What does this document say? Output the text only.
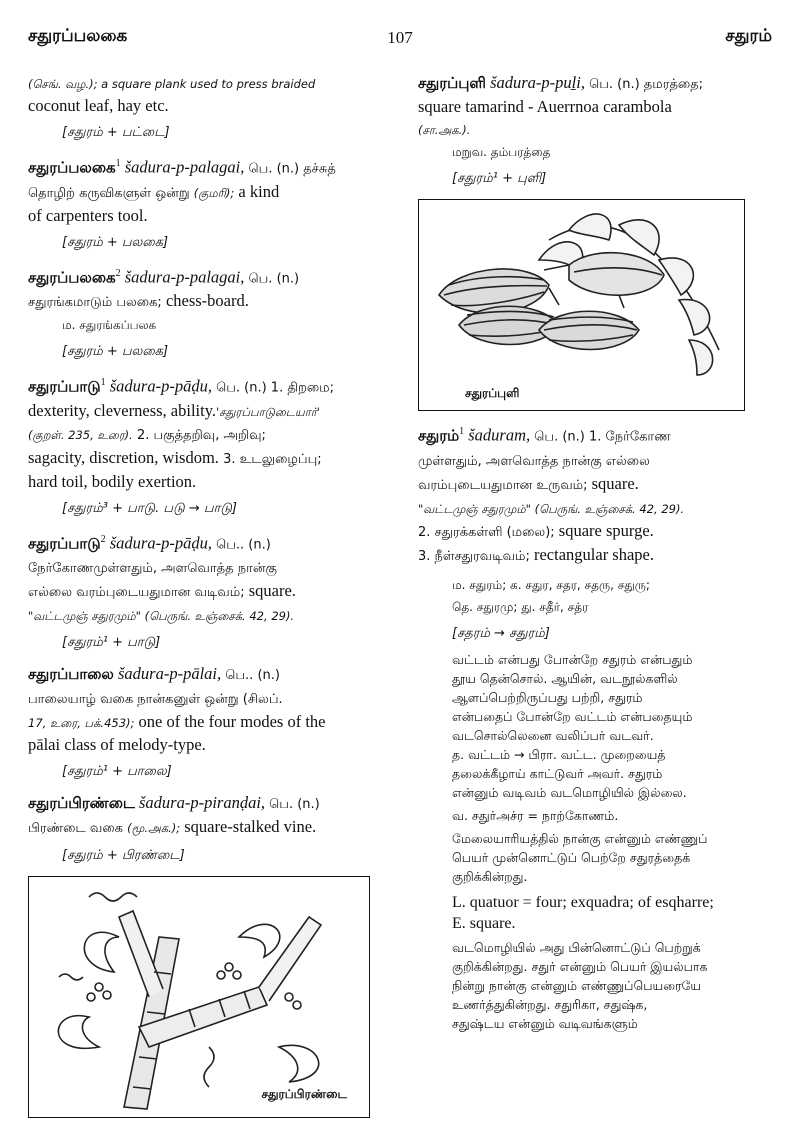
சதுரப்பலகை	107	சதுரம்
(செங். வழ.); a square plank used to press braided
coconut leaf, hay etc.
[சதுரம் + பட்டை]
சதுரப்பலகை$^1$ šadura-p-palagai, பெ. (n.) தச்சுத்
தொழிற் கருவிகளுள் ஒன்று (குமரி); a kind
of carpenters tool.
[சதுரம் + பலகை]
சதுரப்பலகை$^2$ šadura-p-palagai, பெ. (n.)
சதுரங்கமாடும் பலகை; chess-board.
ம. சதுரங்கப்பலக
[சதுரம் + பலகை]
சதுரப்பாடு$^1$ šadura-p-pāḍu, பெ. (n.) 1. திறமை;
dexterity, cleverness, ability.'சதுரப்பாடுடையார்'
(குறள். 235, உரை). 2. பகுத்தறிவு, அறிவு;
sagacity, discretion, wisdom. 3. உடலுழைப்பு;
hard toil, bodily exertion.
[சதுரம்³ + பாடு. படு → பாடு]
சதுரப்பாடு$^2$ šadura-p-pāḍu, பெ.. (n.)
நேர்கோணமுள்ளதும், அளவொத்த நான்கு
எல்லை வரம்புடையதுமான வடிவம்; square.
"வட்டமுஞ் சதுரமும்" (பெருங். உஞ்சைக். 42, 29).
[சதுரம்¹ + பாடு]
சதுரப்பாலை šadura-p-pālai, பெ.. (n.)
பாலையாழ் வகை நான்கனுள் ஒன்று (சிலப்.
17, உரை, பக்.453); one of the four modes of the
pālai class of melody-type.
[சதுரம்¹ + பாலை]
சதுரப்பிரண்டை šadura-p-piranḍai, பெ. (n.)
பிரண்டை வகை (மூ.அக.); square-stalked vine.
[சதுரம் + பிரண்டை]
சதுரப்பிரண்டை
சதுரப்புளி šadura-p-puḻi, பெ. (n.) தமரத்தை;
square tamarind - Auerrnoa carambola
(சா.அக.).
மறுவ. தம்பரத்தை
[சதுரம்¹ + புளி]
சதுரப்புளி
சதுரம்$^1$ šaduram, பெ. (n.) 1. நேர்கோண
முள்ளதும், அளவொத்த நான்கு எல்லை
வரம்புடையதுமான உருவம்; square.
"வட்டமுஞ் சதுரமும்" (பெருங். உஞ்சைக். 42, 29).
2. சதுரக்கள்ளி (மலை); square spurge.
3. நீள்சதுரவடிவம்; rectangular shape.
ம. சதுரம்; க. சதுர, சதர, சதரு, சதுரு;
தெ. சதுரமு; து. சதீர், சத்ர
[சதரம் → சதுரம்]
வட்டம் என்பது போன்றே சதுரம் என்பதும்
தூய தென்சொல். ஆயின், வடநூல்களில்
ஆளப்பெற்றிருப்பது பற்றி, சதுரம்
என்பதைப் போன்றே வட்டம் என்பதையும்
வடசொல்லெனை வலிப்பர் வடவர்.
த. வட்டம் → பிரா. வட்ட. முறையைத்
தலைக்கீழாய் காட்டுவர் அவர். சதுரம்
என்னும் வடிவம் வடமொழியில் இல்லை.
வ. சதுர்அச்ர = நாற்கோணம்.
மேலையாரியத்தில் நான்கு என்னும் எண்ணுப்
பெயர் முன்னொட்டுப் பெற்றே சதுரத்தைக்
குறிக்கின்றது.
L. quatuor = four; exquadra; of esqharre;
E. square.
வடமொழியில் அது பின்னொட்டுப் பெற்றுக்
குறிக்கின்றது. சதுர் என்னும் பெயர் இயல்பாக
நின்று நான்கு என்னும் எண்ணுப்பெயரையே
உணர்த்துகின்றது. சதுரிகா, சதுஷ்க,
சதுஷ்டய என்னும் வடிவங்களும்
